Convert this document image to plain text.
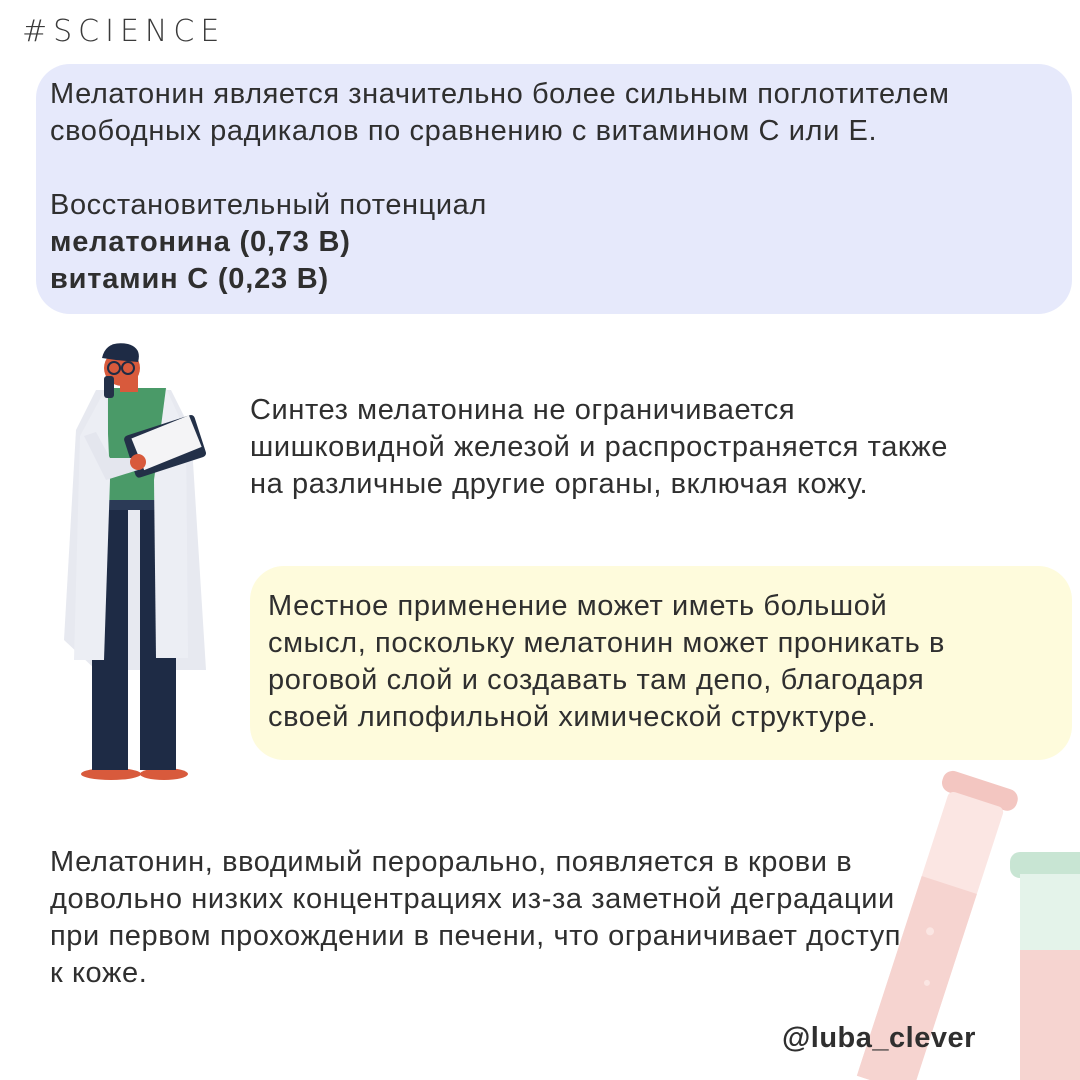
#SCIENCE
Мелатонин является значительно более сильным поглотителем
свободных радикалов по сравнению с витамином С или Е.
Восстановительный потенциал
мелатонина (0,73 В)
витамин С (0,23 В)
Синтез мелатонина не ограничивается
шишковидной железой и распространяется также
на различные другие органы, включая кожу.
Местное применение может иметь большой
смысл, поскольку мелатонин может проникать в
роговой слой и создавать там депо, благодаря
своей липофильной химической структуре.
Мелатонин, вводимый перорально, появляется в крови в
довольно низких концентрациях из-за заметной деградации
при первом прохождении в печени, что ограничивает доступ
к коже.
@luba_clever
